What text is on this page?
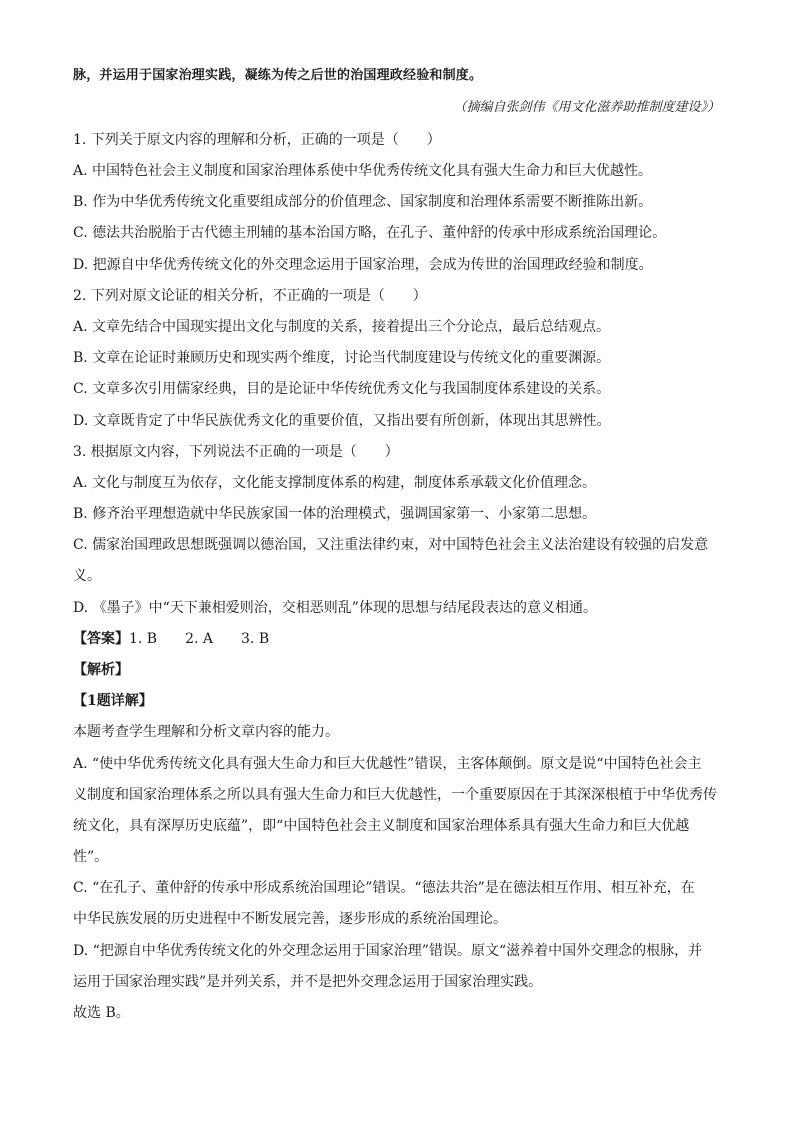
脉，并运用于国家治理实践，凝练为传之后世的治国理政经验和制度。
（摘编自张剑伟《用文化滋养助推制度建设》）
1. 下列关于原文内容的理解和分析，正确的一项是（　　）
A. 中国特色社会主义制度和国家治理体系使中华优秀传统文化具有强大生命力和巨大优越性。
B. 作为中华优秀传统文化重要组成部分的价值理念、国家制度和治理体系需要不断推陈出新。
C. 德法共治脱胎于古代德主刑辅的基本治国方略，在孔子、董仲舒的传承中形成系统治国理论。
D. 把源自中华优秀传统文化的外交理念运用于国家治理，会成为传世的治国理政经验和制度。
2. 下列对原文论证的相关分析，不正确的一项是（　　）
A. 文章先结合中国现实提出文化与制度的关系，接着提出三个分论点，最后总结观点。
B. 文章在论证时兼顾历史和现实两个维度，讨论当代制度建设与传统文化的重要渊源。
C. 文章多次引用儒家经典，目的是论证中华传统优秀文化与我国制度体系建设的关系。
D. 文章既肯定了中华民族优秀文化的重要价值，又指出要有所创新，体现出其思辨性。
3. 根据原文内容，下列说法不正确的一项是（　　）
A. 文化与制度互为依存，文化能支撑制度体系的构建，制度体系承载文化价值理念。
B. 修齐治平理想造就中华民族家国一体的治理模式，强调国家第一、小家第二思想。
C. 儒家治国理政思想既强调以德治国，又注重法律约束，对中国特色社会主义法治建设有较强的启发意
义。
D. 《墨子》中“天下兼相爱则治，交相恶则乱”体现的思想与结尾段表达的意义相通。
【答案】1. B　　2. A　　3. B
【解析】
【1题详解】
本题考查学生理解和分析文章内容的能力。
A. “使中华优秀传统文化具有强大生命力和巨大优越性”错误，主客体颠倒。原文是说“中国特色社会主
义制度和国家治理体系之所以具有强大生命力和巨大优越性，一个重要原因在于其深深根植于中华优秀传
统文化，具有深厚历史底蕴”，即“中国特色社会主义制度和国家治理体系具有强大生命力和巨大优越
性”。
C. “在孔子、董仲舒的传承中形成系统治国理论”错误。“德法共治”是在德法相互作用、相互补充，在
中华民族发展的历史进程中不断发展完善，逐步形成的系统治国理论。
D. “把源自中华优秀传统文化的外交理念运用于国家治理”错误。原文“滋养着中国外交理念的根脉，并
运用于国家治理实践”是并列关系，并不是把外交理念运用于国家治理实践。
故选 B。
